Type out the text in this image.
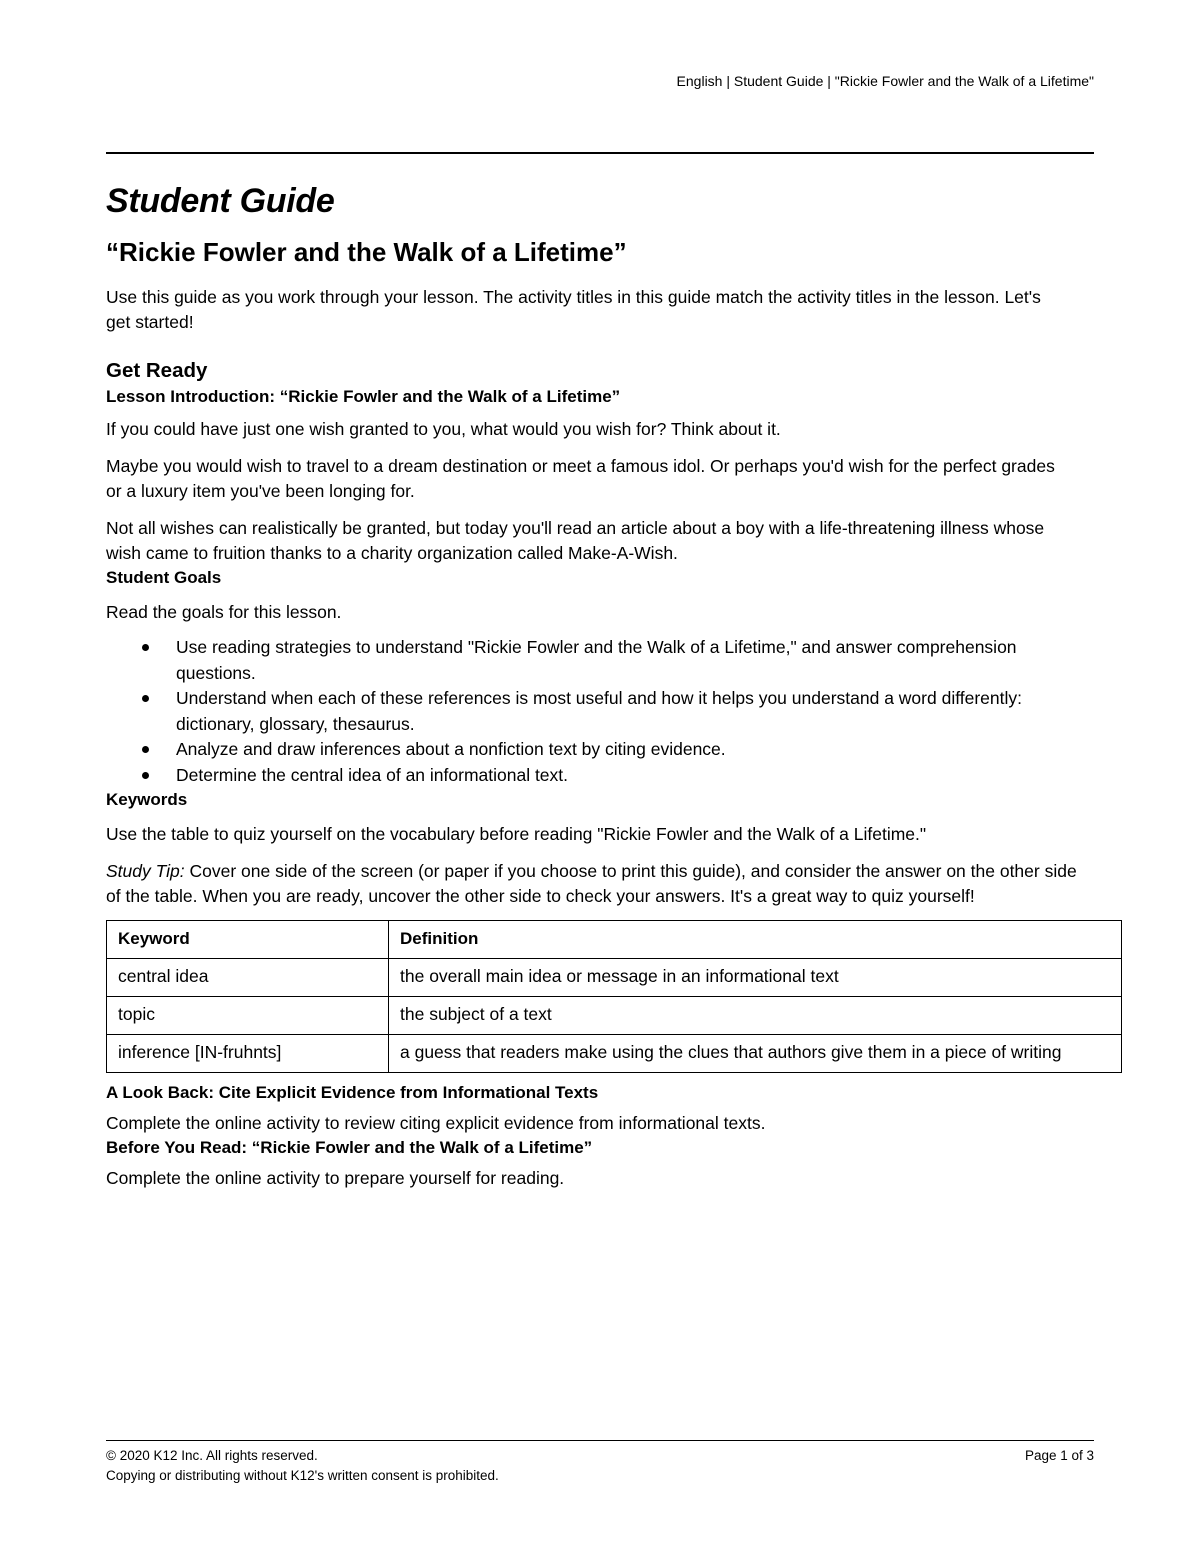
English | Student Guide | "Rickie Fowler and the Walk of a Lifetime"
Student Guide
“Rickie Fowler and the Walk of a Lifetime”

Use this guide as you work through your lesson. The activity titles in this guide match the activity titles in the lesson. Let's get started!

Get Ready
Lesson Introduction: “Rickie Fowler and the Walk of a Lifetime”

If you could have just one wish granted to you, what would you wish for? Think about it.

Maybe you would wish to travel to a dream destination or meet a famous idol. Or perhaps you'd wish for the perfect grades or a luxury item you've been longing for.

Not all wishes can realistically be granted, but today you'll read an article about a boy with a life-threatening illness whose wish came to fruition thanks to a charity organization called Make-A-Wish.

Student Goals

Read the goals for this lesson.

Use reading strategies to understand "Rickie Fowler and the Walk of a Lifetime," and answer comprehension questions.
Understand when each of these references is most useful and how it helps you understand a word differently: dictionary, glossary, thesaurus.
Analyze and draw inferences about a nonfiction text by citing evidence.
Determine the central idea of an informational text.
Keywords

Use the table to quiz yourself on the vocabulary before reading "Rickie Fowler and the Walk of a Lifetime."

Study Tip: Cover one side of the screen (or paper if you choose to print this guide), and consider the answer on the other side of the table. When you are ready, uncover the other side to check your answers. It's a great way to quiz yourself!

Keyword	Definition
central idea	the overall main idea or message in an informational text
topic	the subject of a text
inference [IN-fruhnts]	a guess that readers make using the clues that authors give them in a piece of writing
A Look Back: Cite Explicit Evidence from Informational Texts

Complete the online activity to review citing explicit evidence from informational texts.

Before You Read: “Rickie Fowler and the Walk of a Lifetime”

Complete the online activity to prepare yourself for reading.

© 2020 K12 Inc. All rights reserved.
Copying or distributing without K12's written consent is prohibited.
Page 1 of 3
